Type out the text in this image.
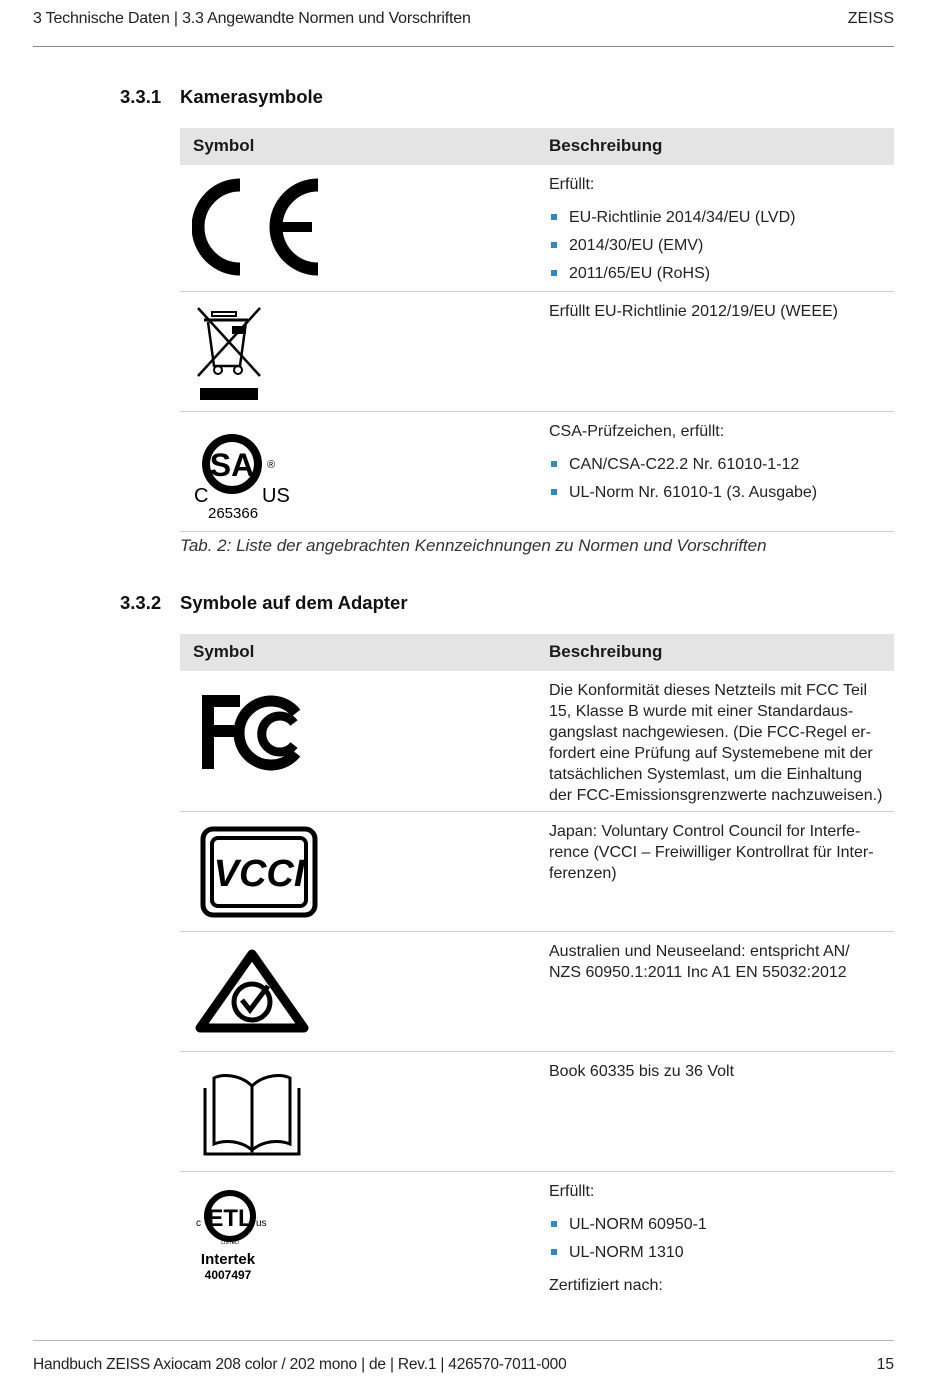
3 Technische Daten | 3.3 Angewandte Normen und Vorschriften	ZEISS
3.3.1 Kamerasymbole
Symbol	Beschreibung

Erfüllt:

EU-Richtlinie 2014/34/EU (LVD)
2014/30/EU (EMV)
2011/65/EU (RoHS)

Erfüllt EU-Richtlinie 2012/19/EU (WEEE)

SA ®
C	US
265366

CSA-Prüfzeichen, erfüllt:

CAN/CSA-C22.2 Nr. 61010-1-12
UL-Norm Nr. 61010-1 (3. Ausgabe)
Tab. 2: Liste der angebrachten Kennzeichnungen zu Normen und Vorschriften
3.3.2 Symbole auf dem Adapter
Symbol	Beschreibung

Die Konformität dieses Netzteils mit FCC Teil 15, Klasse B wurde mit einer Standardaus-gangslast nachgewiesen. (Die FCC-Regel er-fordert eine Prüfung auf Systemebene mit der tatsächlichen Systemlast, um die Einhaltung der FCC-Emissionsgrenzwerte nachzuweisen.)

VCCI

Japan: Voluntary Control Council for Interfe-rence (VCCI – Freiwilliger Kontrollrat für Inter-ferenzen)

Australien und Neuseeland: entspricht AN/ NZS 60950.1:2011 Inc A1 EN 55032:2012

Book 60335 bis zu 36 Volt

ETL
c	us
LISTED
Intertek
4007497

Erfüllt:

UL-NORM 60950-1
UL-NORM 1310

Zertifiziert nach:

Handbuch ZEISS Axiocam 208 color / 202 mono | de | Rev.1 | 426570-7011-000	15
